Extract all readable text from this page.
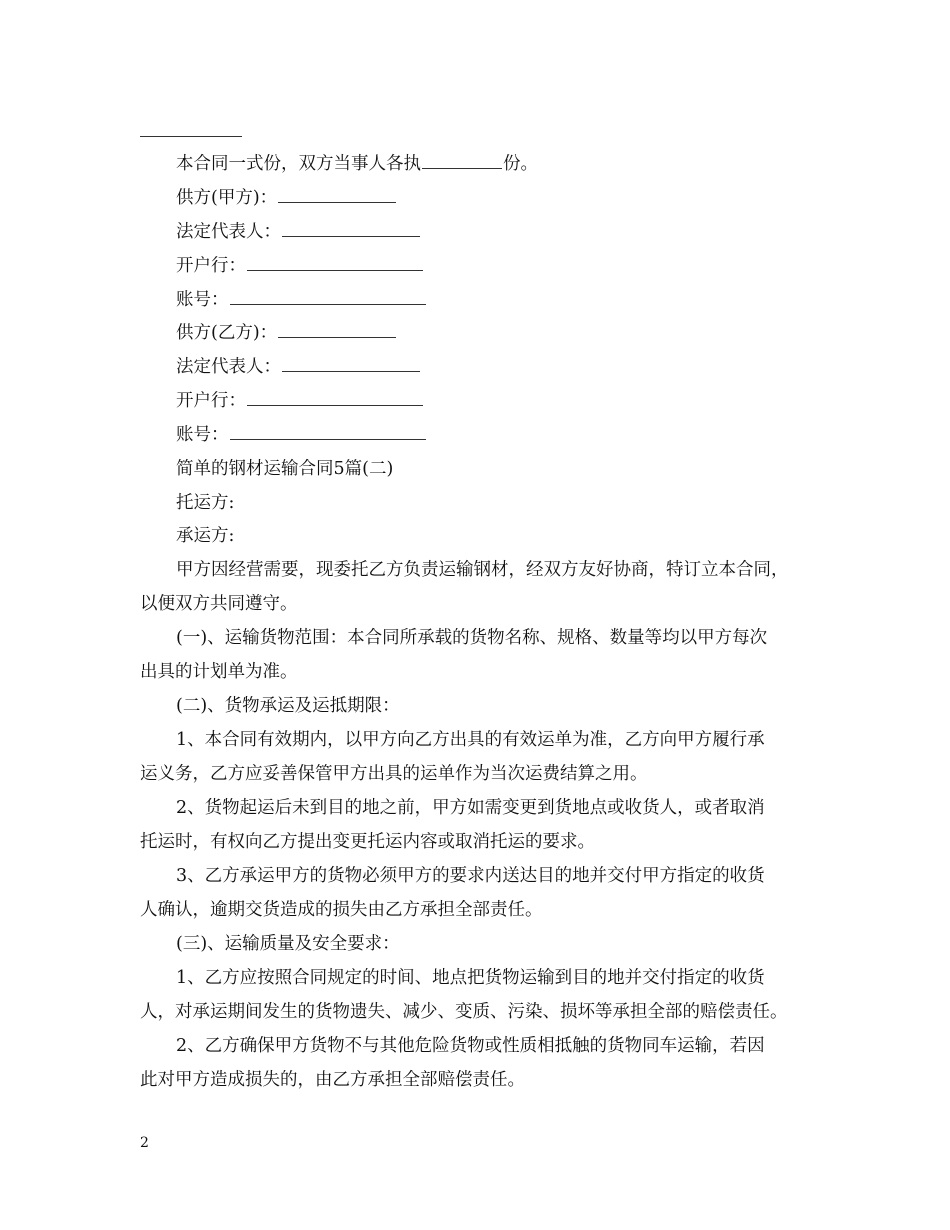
本合同一式份，双方当事人各执	份。
供方(甲方)：
法定代表人：
开户行：
账号：
供方(乙方)：
法定代表人：
开户行：
账号：
简单的钢材运输合同5篇(二)
托运方:
承运方:
甲方因经营需要，现委托乙方负责运输钢材，经双方友好协商，特订立本合同，
以便双方共同遵守。
(一)、运输货物范围：本合同所承载的货物名称、规格、数量等均以甲方每次
出具的计划单为准。
(二)、货物承运及运抵期限：
1、本合同有效期内，以甲方向乙方出具的有效运单为准，乙方向甲方履行承
运义务，乙方应妥善保管甲方出具的运单作为当次运费结算之用。
2、货物起运后未到目的地之前，甲方如需变更到货地点或收货人，或者取消
托运时，有权向乙方提出变更托运内容或取消托运的要求。
3、乙方承运甲方的货物必须甲方的要求内送达目的地并交付甲方指定的收货
人确认，逾期交货造成的损失由乙方承担全部责任。
(三)、运输质量及安全要求：
1、乙方应按照合同规定的时间、地点把货物运输到目的地并交付指定的收货
人，对承运期间发生的货物遗失、减少、变质、污染、损坏等承担全部的赔偿责任。
2、乙方确保甲方货物不与其他危险货物或性质相抵触的货物同车运输，若因
此对甲方造成损失的，由乙方承担全部赔偿责任。
2
